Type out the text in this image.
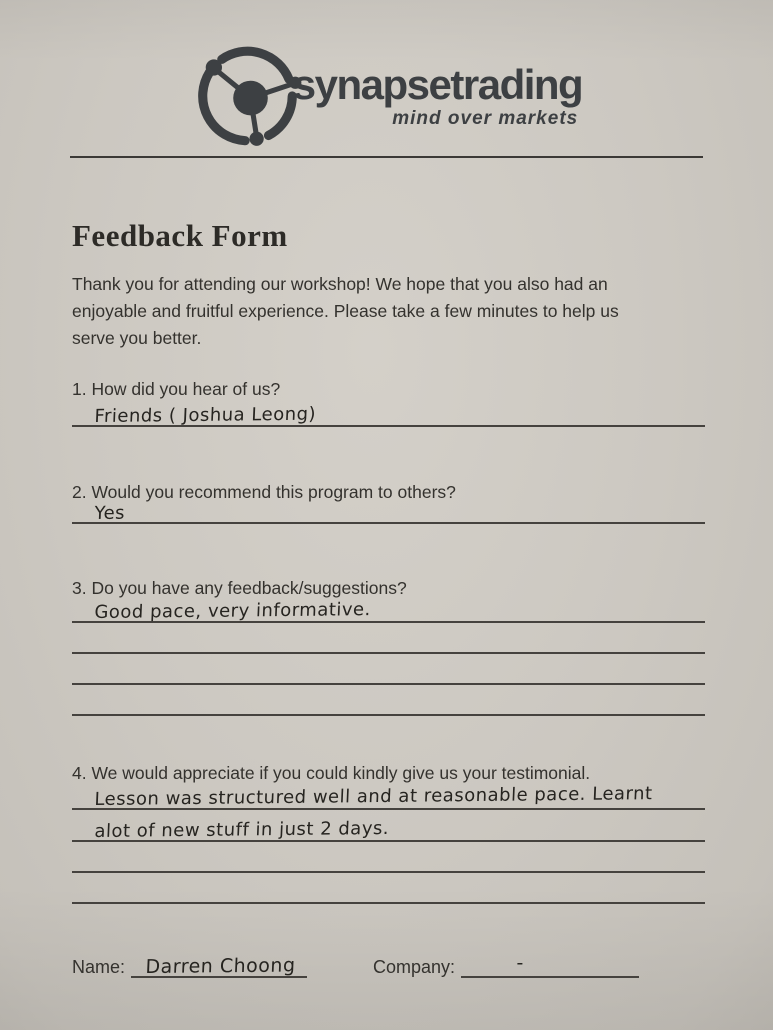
synapsetrading
mind over markets
Feedback Form

Thank you for attending our workshop! We hope that you also had an enjoyable and fruitful experience. Please take a few minutes to help us serve you better.

1. How did you hear of us?
Friends ( Joshua Leong)
2. Would you recommend this program to others?
Yes
3. Do you have any feedback/suggestions?
Good pace, very informative.
4. We would appreciate if you could kindly give us your testimonial.
Lesson was structured well and at reasonable pace. Learnt
alot of new stuff in just 2 days.
Name:	Darren Choong	Company:	-
